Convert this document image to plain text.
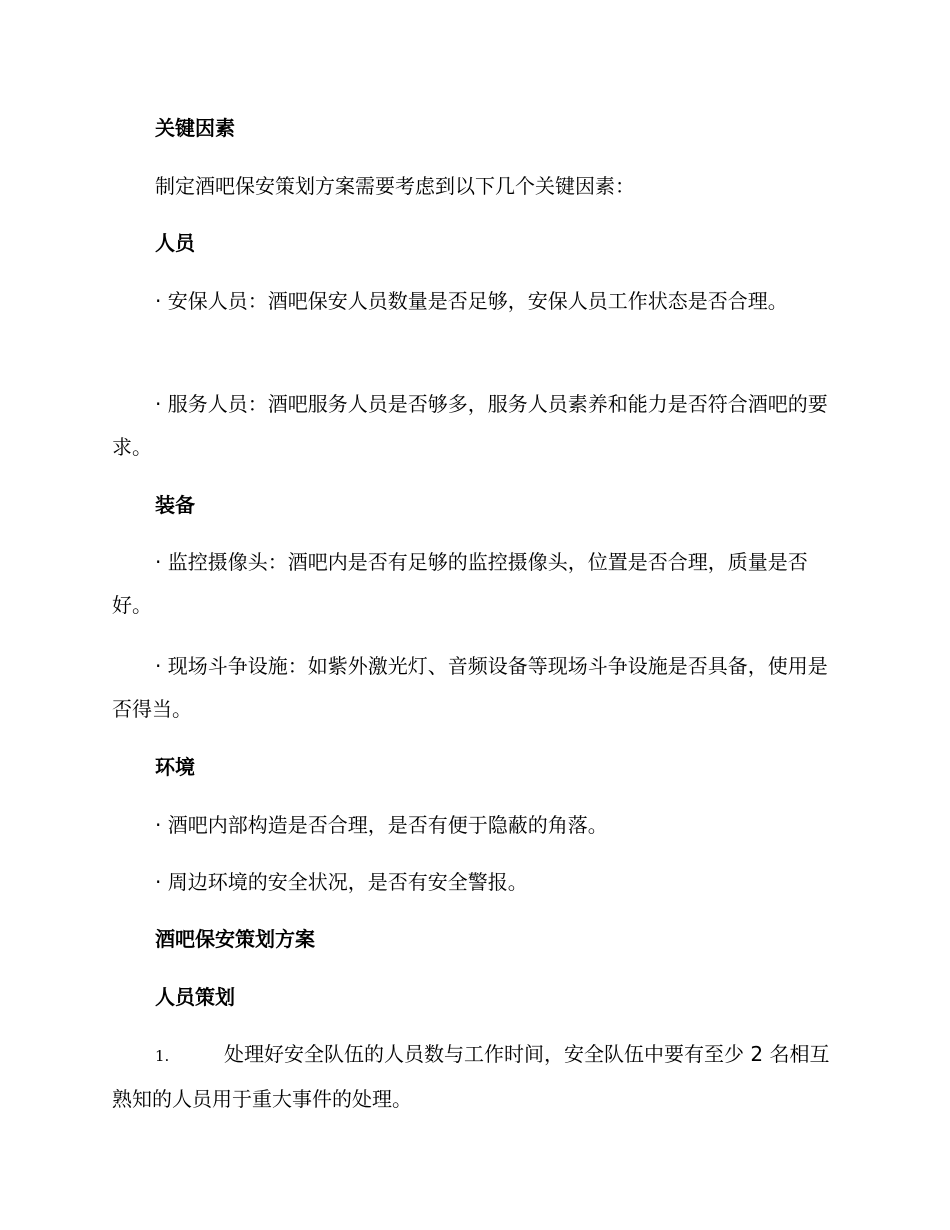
关键因素
制定酒吧保安策划方案需要考虑到以下几个关键因素：
人员
· 安保人员：酒吧保安人员数量是否足够，安保人员工作状态是否合理。
· 服务人员：酒吧服务人员是否够多，服务人员素养和能力是否符合酒吧的要求。
装备
· 监控摄像头：酒吧内是否有足够的监控摄像头，位置是否合理，质量是否好。
· 现场斗争设施：如紫外激光灯、音频设备等现场斗争设施是否具备，使用是否得当。
环境
· 酒吧内部构造是否合理，是否有便于隐蔽的角落。
· 周边环境的安全状况，是否有安全警报。
酒吧保安策划方案
人员策划
1.	处理好安全队伍的人员数与工作时间，安全队伍中要有至少 2 名相互熟知的人员用于重大事件的处理。
